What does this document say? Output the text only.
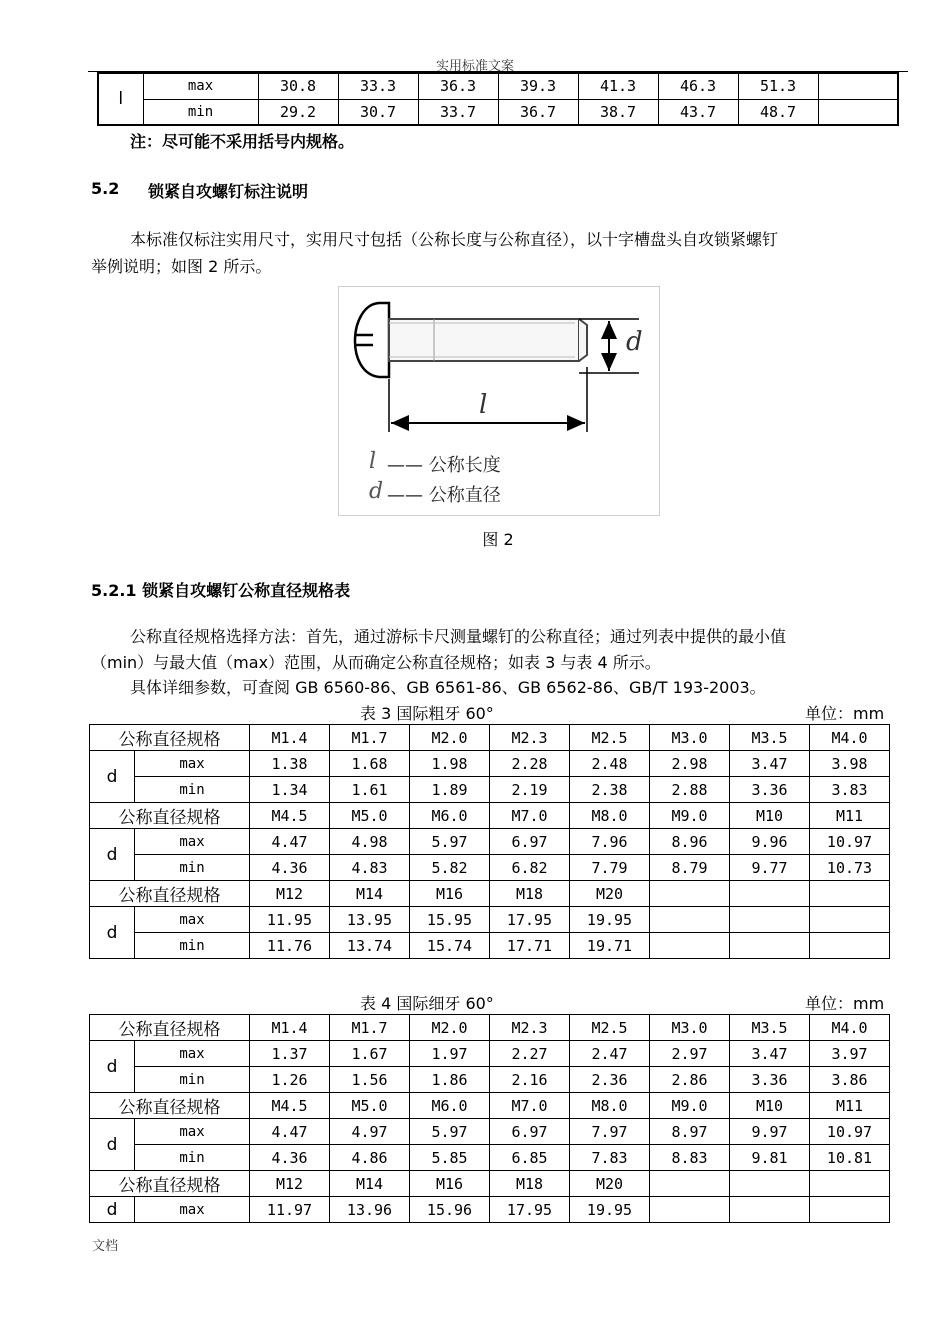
实用标准文案
l	max	30.8	33.3	36.3	39.3	41.3	46.3	51.3	
	min	29.2	30.7	33.7	36.7	38.7	43.7	48.7	
注：尽可能不采用括号内规格。
5.2 锁紧自攻螺钉标注说明
本标准仅标注实用尺寸，实用尺寸包括（公称长度与公称直径），以十字槽盘头自攻锁紧螺钉
举例说明；如图 2 所示。
d
l
l —— 公称长度
d —— 公称直径
图 2
5.2.1 锁紧自攻螺钉公称直径规格表
公称直径规格选择方法：首先，通过游标卡尺测量螺钉的公称直径；通过列表中提供的最小值
（min）与最大值（max）范围，从而确定公称直径规格；如表 3 与表 4 所示。
具体详细参数，可查阅 GB 6560-86、GB 6561-86、GB 6562-86、GB/T 193-2003。
表 3 国际粗牙 60°	单位：mm
公称直径规格		M1.4	M1.7	M2.0	M2.3	M2.5	M3.0	M3.5	M4.0
d	max	1.38	1.68	1.98	2.28	2.48	2.98	3.47	3.98
	min	1.34	1.61	1.89	2.19	2.38	2.88	3.36	3.83
公称直径规格		M4.5	M5.0	M6.0	M7.0	M8.0	M9.0	M10	M11
d	max	4.47	4.98	5.97	6.97	7.96	8.96	9.96	10.97
	min	4.36	4.83	5.82	6.82	7.79	8.79	9.77	10.73
公称直径规格		M12	M14	M16	M18	M20			
d	max	11.95	13.95	15.95	17.95	19.95			
	min	11.76	13.74	15.74	17.71	19.71			
表 4 国际细牙 60°	单位：mm
公称直径规格		M1.4	M1.7	M2.0	M2.3	M2.5	M3.0	M3.5	M4.0
d	max	1.37	1.67	1.97	2.27	2.47	2.97	3.47	3.97
	min	1.26	1.56	1.86	2.16	2.36	2.86	3.36	3.86
公称直径规格		M4.5	M5.0	M6.0	M7.0	M8.0	M9.0	M10	M11
d	max	4.47	4.97	5.97	6.97	7.97	8.97	9.97	10.97
	min	4.36	4.86	5.85	6.85	7.83	8.83	9.81	10.81
公称直径规格		M12	M14	M16	M18	M20			
d	max	11.97	13.96	15.96	17.95	19.95			
文档
